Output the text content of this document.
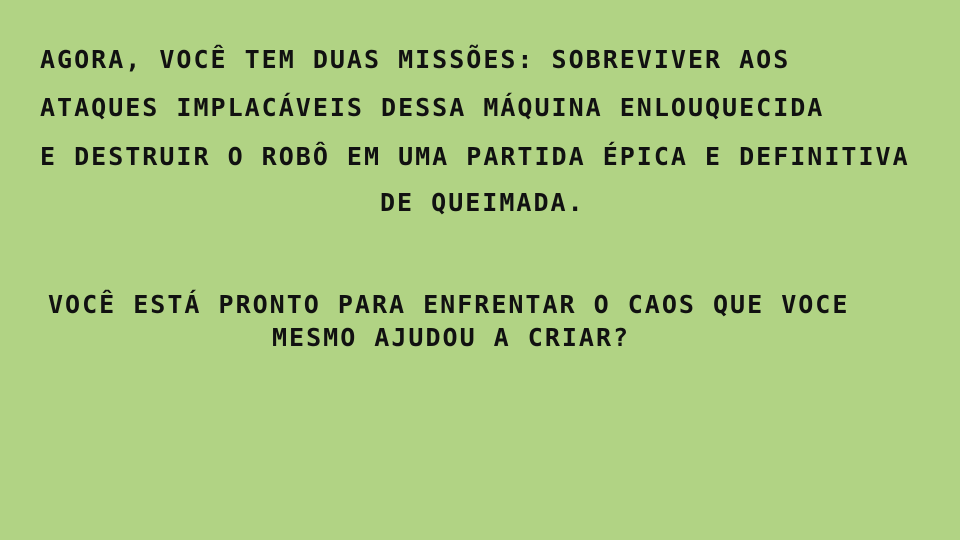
AGORA, VOCÊ TEM DUAS MISSÕES: SOBREVIVER AOS
ATAQUES IMPLACÁVEIS DESSA MÁQUINA ENLOUQUECIDA
E DESTRUIR O ROBÔ EM UMA PARTIDA ÉPICA E DEFINITIVA
DE QUEIMADA.
VOCÊ ESTÁ PRONTO PARA ENFRENTAR O CAOS QUE VOCE
MESMO AJUDOU A CRIAR?
